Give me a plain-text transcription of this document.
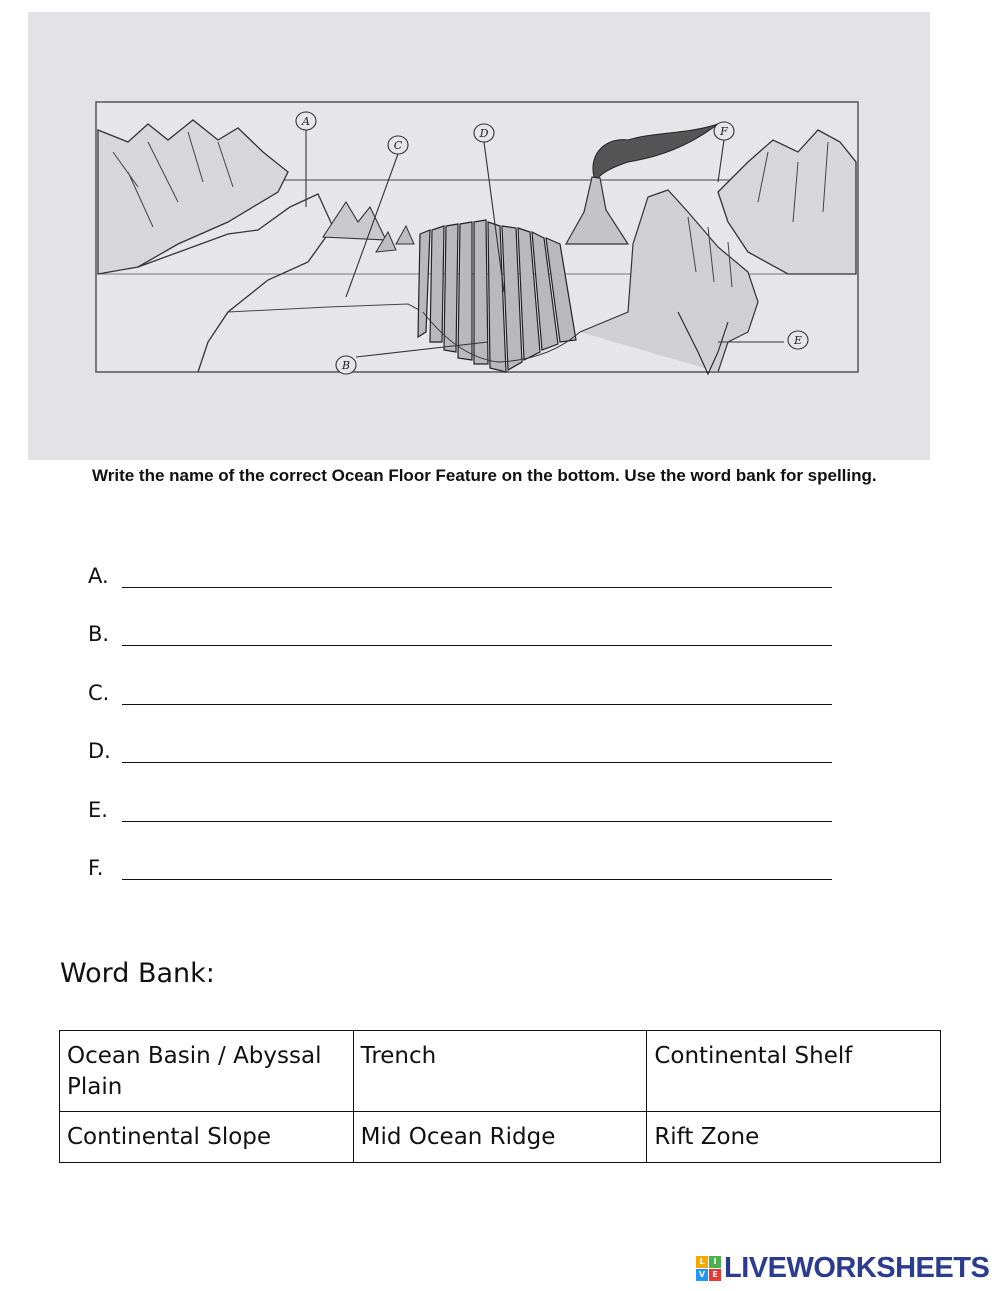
A
B
C
D
E
F
Write the name of the correct Ocean Floor Feature on the bottom. Use the word bank for spelling.
A.
B.
C.
D.
E.
F.
Word Bank:
Ocean Basin / Abyssal Plain	Trench	Continental Shelf
Continental Slope	Mid Ocean Ridge	Rift Zone
L	I
V E LIVEWORKSHEETS
